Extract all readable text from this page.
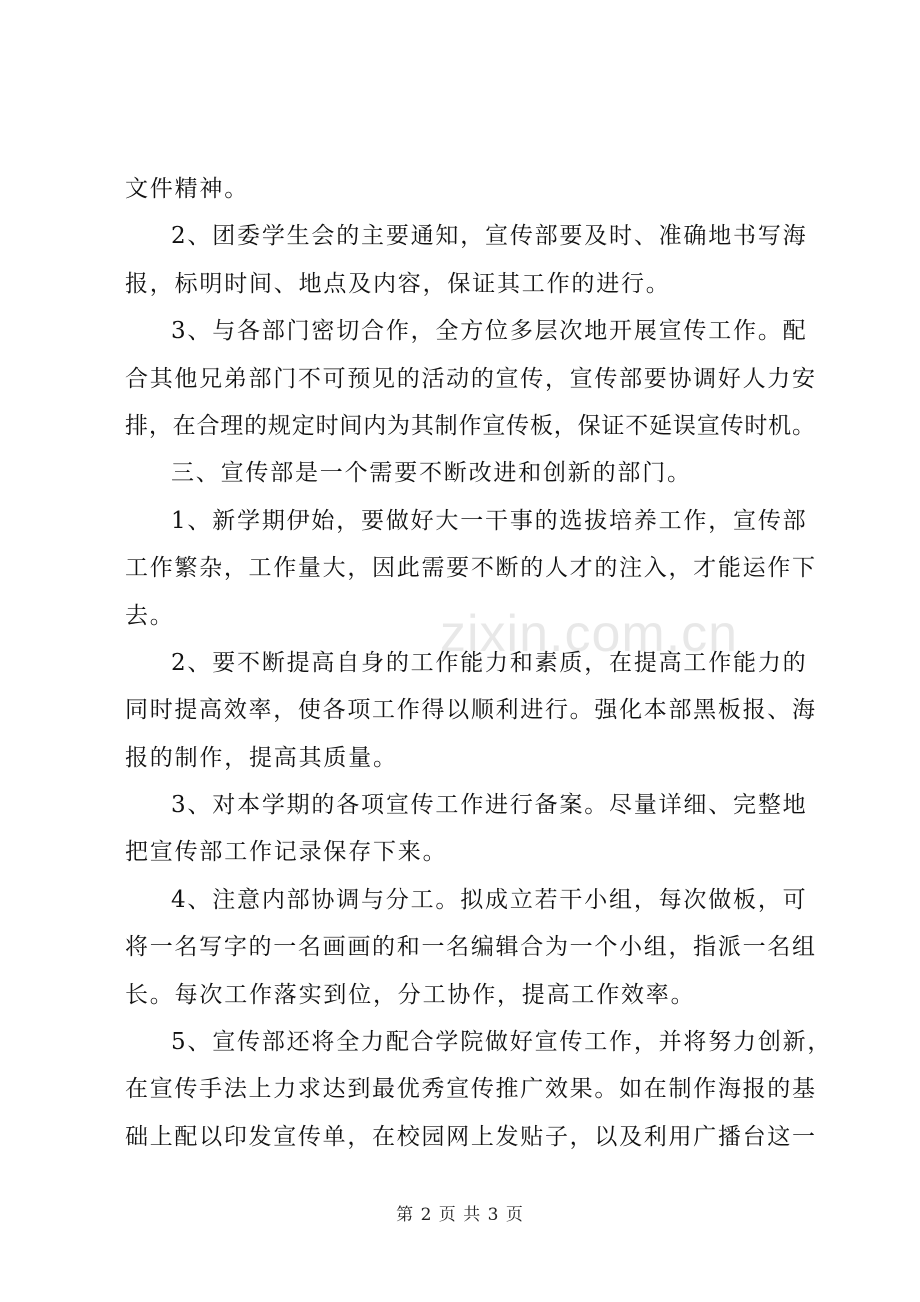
文件精神。
2、团委学生会的主要通知，宣传部要及时、准确地书写海
报，标明时间、地点及内容，保证其工作的进行。
3、与各部门密切合作，全方位多层次地开展宣传工作。配
合其他兄弟部门不可预见的活动的宣传，宣传部要协调好人力安
排，在合理的规定时间内为其制作宣传板，保证不延误宣传时机。
三、宣传部是一个需要不断改进和创新的部门。
1、新学期伊始，要做好大一干事的选拔培养工作，宣传部
工作繁杂，工作量大，因此需要不断的人才的注入，才能运作下
去。
2、要不断提高自身的工作能力和素质，在提高工作能力的
同时提高效率，使各项工作得以顺利进行。强化本部黑板报、海
报的制作，提高其质量。
3、对本学期的各项宣传工作进行备案。尽量详细、完整地
把宣传部工作记录保存下来。
4、注意内部协调与分工。拟成立若干小组，每次做板，可
将一名写字的一名画画的和一名编辑合为一个小组，指派一名组
长。每次工作落实到位，分工协作，提高工作效率。
5、宣传部还将全力配合学院做好宣传工作，并将努力创新，
在宣传手法上力求达到最优秀宣传推广效果。如在制作海报的基
础上配以印发宣传单，在校园网上发贴子，以及利用广播台这一
zixin.com.cn
第 2 页 共 3 页
